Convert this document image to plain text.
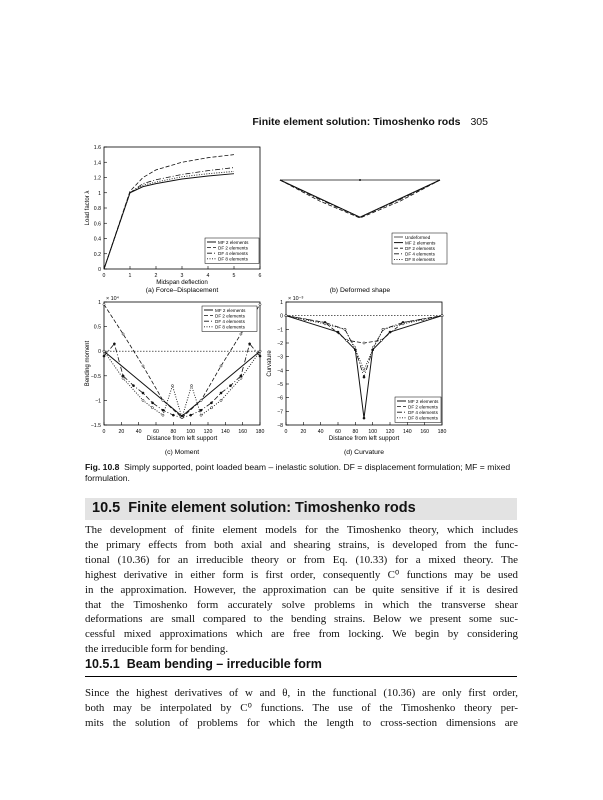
Finite element solution: Timoshenko rods 305
0	1	2	3	4	5	6
0
0.2
0.4
0.6
0.8
1
1.2
1.4
1.6
MF 2 elements
DF 2 elements
DF 4 elements
DF 8 elements
Midspan deflection
Load factor λ
(a) Force–Displacement
Undeformed
MF 2 elements
DF 2 elements
DF 4 elements
DF 8 elements
(b) Deformed shape
0 20 40 60 80 100 120 140 160 180
1
0.5
0
−0.5
−1
−1.5
MF 2 elements
DF 2 elements
DF 4 elements
DF 8 elements
Distance from left support
Bending moment
× 10⁴
(c) Moment
0 20 40 60 80 100 120 140 160 180
1
0
−1
−2
−3
−4
−5
−6
−7
−8
MF 2 elements
DF 2 elements
DF 4 elements
DF 8 elements
Distance from left support
Curvature
× 10⁻³
(d) Curvature
Fig. 10.8 Simply supported, point loaded beam – inelastic solution. DF = displacement formulation; MF = mixed formulation.
10.5 Finite element solution: Timoshenko rods
The development of finite element models for the Timoshenko theory, which includes
the primary effects from both axial and shearing strains, is developed from the func-
tional (10.36) for an irreducible theory or from Eq. (10.33) for a mixed theory. The
highest derivative in either form is first order, consequently C⁰ functions may be used
in the approximation. However, the approximation can be quite sensitive if it is desired
that the Timoshenko form accurately solve problems in which the transverse shear
deformations are small compared to the bending strains. Below we present some suc-
cessful mixed approximations which are free from locking. We begin by considering
the irreducible form for bending.
10.5.1 Beam bending – irreducible form
Since the highest derivatives of w and θ, in the functional (10.36) are only first order,
both may be interpolated by C⁰ functions. The use of the Timoshenko theory per-
mits the solution of problems for which the length to cross-section dimensions are
